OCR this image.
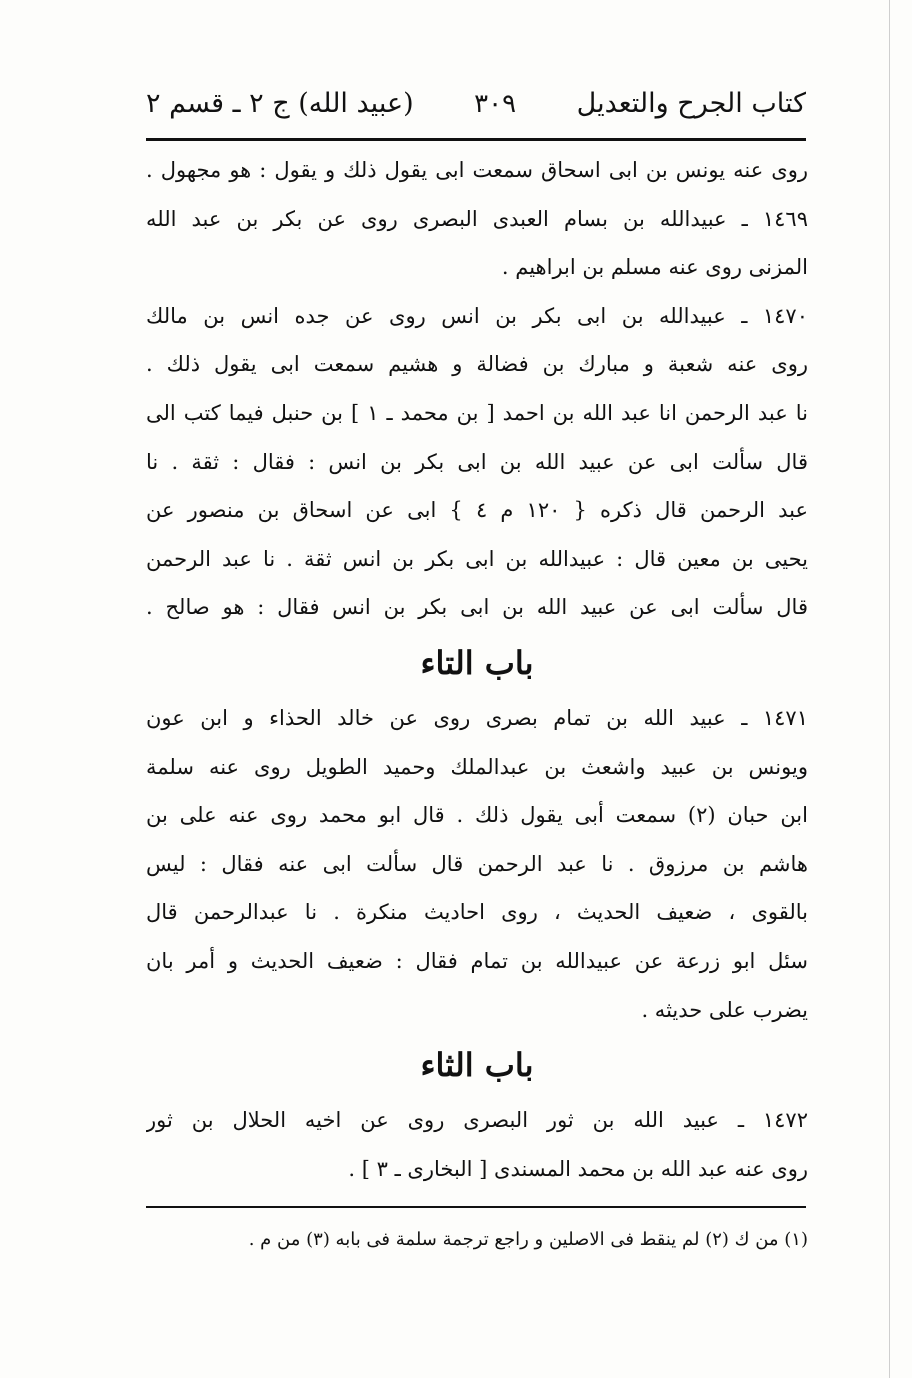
كتاب الجرح والتعديل
٣٠٩
(عبيد الله) ج ٢ ـ قسم ٢
روى عنه يونس بن ابى اسحاق سمعت ابى يقول ذلك و يقول : هو مجهول .
١٤٦٩ ـ عبيدالله بن بسام العبدى البصرى روى عن بكر بن عبد الله
المزنى روى عنه مسلم بن ابراهيم .
١٤٧٠ ـ عبيدالله بن ابى بكر بن انس روى عن جده انس بن مالك
روى عنه شعبة و مبارك بن فضالة و هشيم سمعت ابى يقول ذلك .
نا عبد الرحمن انا عبد الله بن احمد [ بن محمد ـ ١ ] بن حنبل فيما كتب الى
قال سألت ابى عن عبيد الله بن ابى بكر بن انس : فقال : ثقة . نا
عبد الرحمن قال ذكره { ١٢٠ م ٤ } ابى عن اسحاق بن منصور عن
يحيى بن معين قال : عبيدالله بن ابى بكر بن انس ثقة . نا عبد الرحمن
قال سألت ابى عن عبيد الله بن ابى بكر بن انس فقال : هو صالح .
باب التاء
١٤٧١ ـ عبيد الله بن تمام بصرى روى عن خالد الحذاء و ابن عون
ويونس بن عبيد واشعث بن عبدالملك وحميد الطويل روى عنه سلمة
ابن حبان (٢) سمعت أبى يقول ذلك . قال ابو محمد روى عنه على بن
هاشم بن مرزوق . نا عبد الرحمن قال سألت ابى عنه فقال : ليس
بالقوى ، ضعيف الحديث ، روى احاديث منكرة . نا عبدالرحمن قال
سئل ابو زرعة عن عبيدالله بن تمام فقال : ضعيف الحديث و أمر بان
يضرب على حديثه .
باب الثاء
١٤٧٢ ـ عبيد الله بن ثور البصرى روى عن اخيه الحلال بن ثور
روى عنه عبد الله بن محمد المسندى [ البخارى ـ ٣ ] .
(١) من ك (٢) لم ينقط فى الاصلين و راجع ترجمة سلمة فى بابه (٣) من م .
